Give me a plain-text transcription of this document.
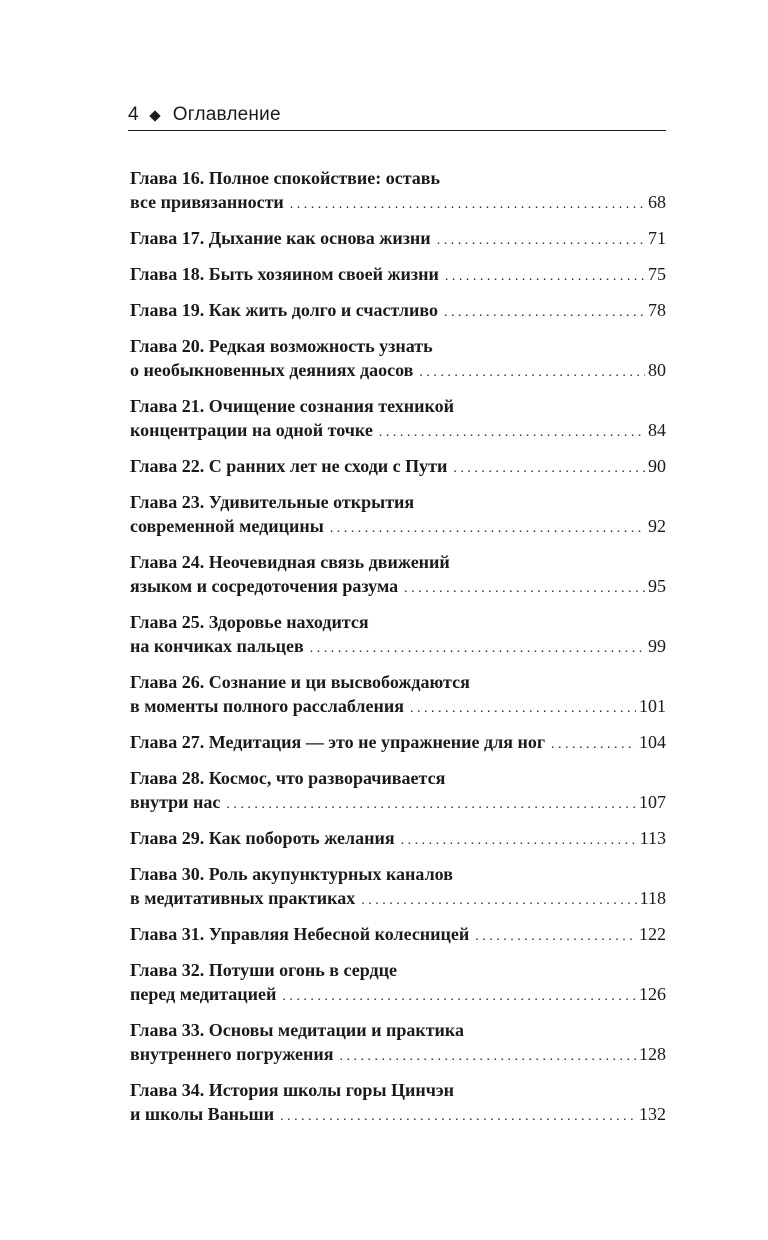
4 Оглавление
Глава 16. Полное спокойствие: оставь
все привязанности . . .	68
Глава 17. Дыхание как основа жизни . . .	71
Глава 18. Быть хозяином своей жизни . . .	75
Глава 19. Как жить долго и счастливо . . .	78
Глава 20. Редкая возможность узнать
о необыкновенных деяниях даосов . . .	80
Глава 21. Очищение сознания техникой
концентрации на одной точке . . .	84
Глава 22. С ранних лет не сходи с Пути . . .	90
Глава 23. Удивительные открытия
современной медицины . . .	92
Глава 24. Неочевидная связь движений
языком и сосредоточения разума . . .	95
Глава 25. Здоровье находится
на кончиках пальцев . . .	99
Глава 26. Сознание и ци высвобождаются
в моменты полного расслабления . . .	101
Глава 27. Медитация — это не упражнение для ног . . .	104
Глава 28. Космос, что разворачивается
внутри нас . . .	107
Глава 29. Как побороть желания . . .	113
Глава 30. Роль акупунктурных каналов
в медитативных практиках . . .	118
Глава 31. Управляя Небесной колесницей . . .	122
Глава 32. Потуши огонь в сердце
перед медитацией . . .	126
Глава 33. Основы медитации и практика
внутреннего погружения . . .	128
Глава 34. История школы горы Цинчэн
и школы Ваньши . . .	132
